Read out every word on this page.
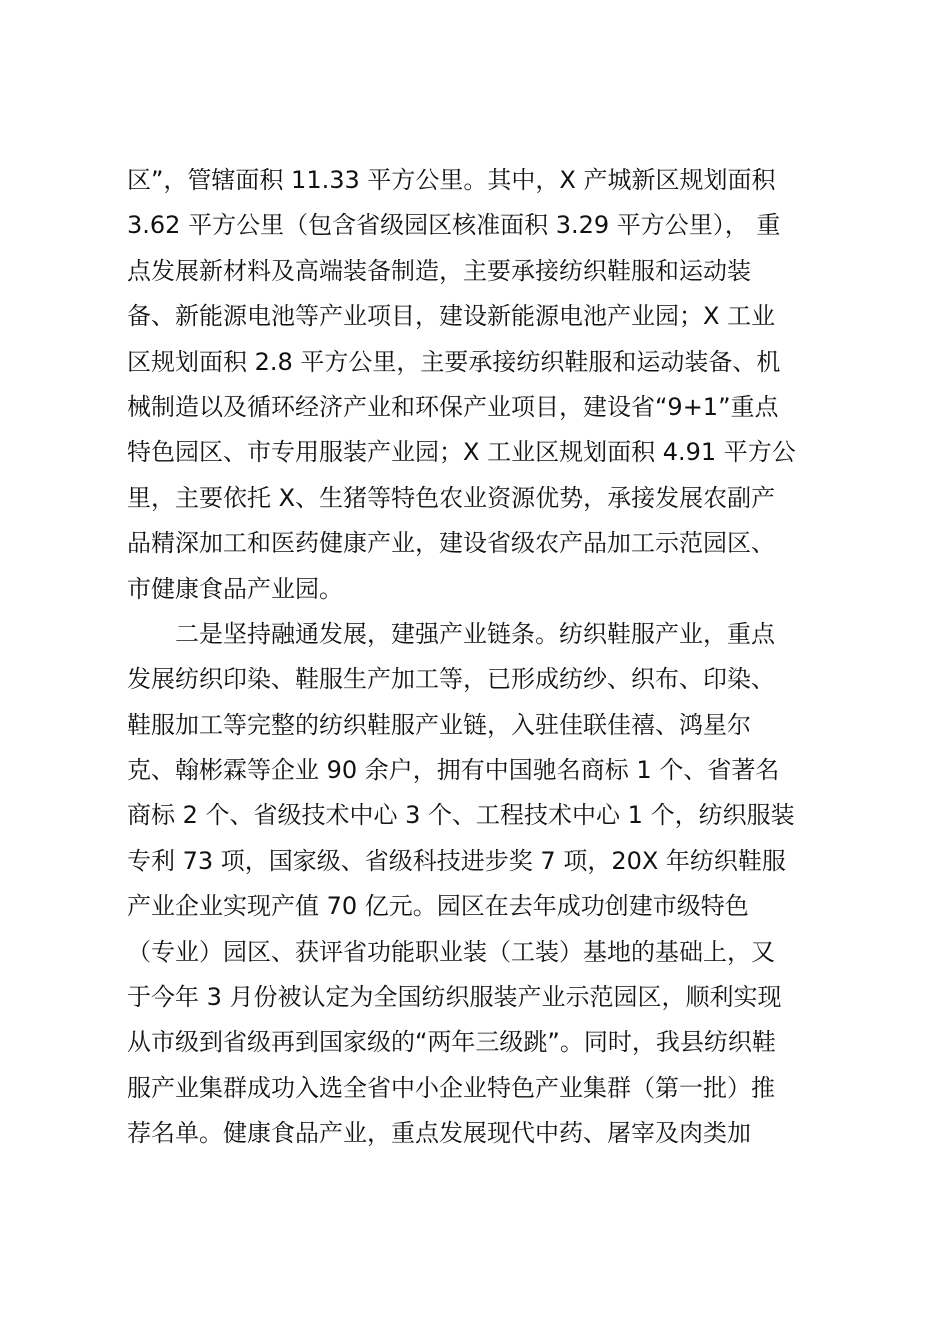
区”，管辖面积 11.33 平方公里。其中，X 产城新区规划面积
3.62 平方公里（包含省级园区核准面积 3.29 平方公里）， 重
点发展新材料及高端装备制造，主要承接纺织鞋服和运动装
备、新能源电池等产业项目，建设新能源电池产业园；X 工业
区规划面积 2.8 平方公里，主要承接纺织鞋服和运动装备、机
械制造以及循环经济产业和环保产业项目，建设省“9+1”重点
特色园区、市专用服装产业园；X 工业区规划面积 4.91 平方公
里，主要依托 X、生猪等特色农业资源优势，承接发展农副产
品精深加工和医药健康产业，建设省级农产品加工示范园区、
市健康食品产业园。
　　二是坚持融通发展，建强产业链条。纺织鞋服产业，重点
发展纺织印染、鞋服生产加工等，已形成纺纱、织布、印染、
鞋服加工等完整的纺织鞋服产业链，入驻佳联佳禧、鸿星尔
克、翰彬霖等企业 90 余户，拥有中国驰名商标 1 个、省著名
商标 2 个、省级技术中心 3 个、工程技术中心 1 个，纺织服装
专利 73 项，国家级、省级科技进步奖 7 项，20X 年纺织鞋服
产业企业实现产值 70 亿元。园区在去年成功创建市级特色
（专业）园区、获评省功能职业装（工装）基地的基础上，又
于今年 3 月份被认定为全国纺织服装产业示范园区，顺利实现
从市级到省级再到国家级的“两年三级跳”。同时，我县纺织鞋
服产业集群成功入选全省中小企业特色产业集群（第一批）推
荐名单。健康食品产业，重点发展现代中药、屠宰及肉类加
